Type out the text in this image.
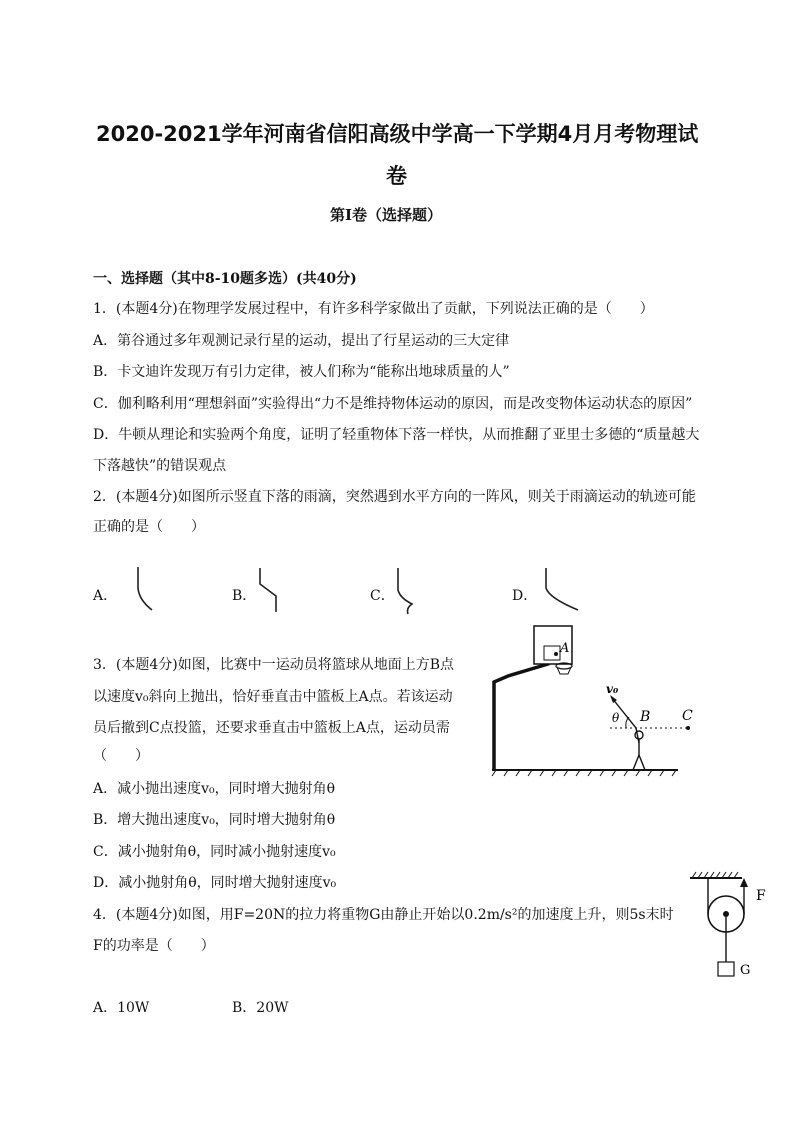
2020-2021学年河南省信阳高级中学高一下学期4月月考物理试
卷
第I卷（选择题）
一、选择题（其中8-10题多选）(共40分)
1．(本题4分)在物理学发展过程中，有许多科学家做出了贡献，下列说法正确的是（　　）
A．第谷通过多年观测记录行星的运动，提出了行星运动的三大定律
B．卡文迪许发现万有引力定律，被人们称为“能称出地球质量的人”
C．伽利略利用“理想斜面”实验得出“力不是维持物体运动的原因，而是改变物体运动状态的原因”
D．牛顿从理论和实验两个角度，证明了轻重物体下落一样快，从而推翻了亚里士多德的“质量越大
下落越快”的错误观点
2．(本题4分)如图所示竖直下落的雨滴，突然遇到水平方向的一阵风，则关于雨滴运动的轨迹可能
正确的是（　　）
A．	B．	C．	D．
3．(本题4分)如图，比赛中一运动员将篮球从地面上方B点
以速度v₀斜向上抛出，恰好垂直击中篮板上A点。若该运动
员后撤到C点投篮，还要求垂直击中篮板上A点，运动员需
（　　）
A．减小抛出速度v₀，同时增大抛射角θ
B．增大抛出速度v₀，同时增大抛射角θ
C．减小抛射角θ，同时减小抛射速度v₀
D．减小抛射角θ，同时增大抛射速度v₀
A
C
B
v₀
θ
4．(本题4分)如图，用F=20N的拉力将重物G由静止开始以0.2m/s²的加速度上升，则5s末时
F的功率是（　　）
A．10W	B．20W
F
G
